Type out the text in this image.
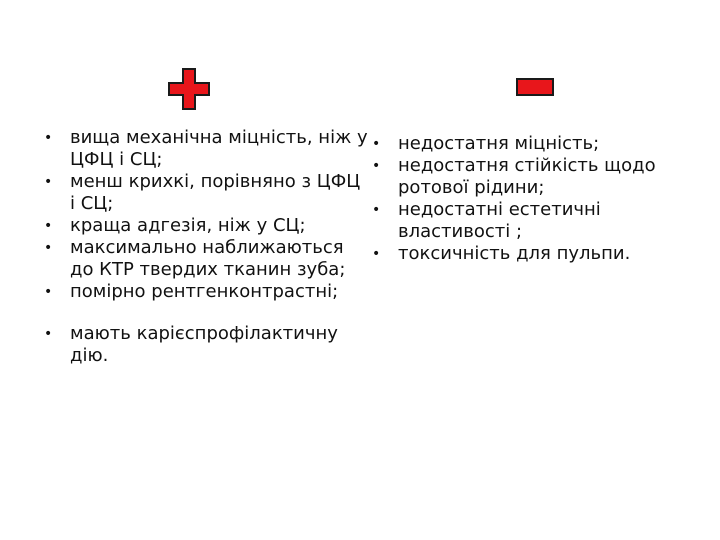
• вища механічна міцність, ніж у ЦФЦ і СЦ;
• менш крихкі, порівняно з ЦФЦ і СЦ;
• краща адгезія, ніж у СЦ;
• максимально наближаються до КТР твердих тканин зуба;
• помірно рентгенконтрастні;
• мають карієспрофілактичну дію.
• недостатня міцність;
• недостатня стійкість щодо ротової рідини;
• недостатні естетичні властивості ;
• токсичність для пульпи.
